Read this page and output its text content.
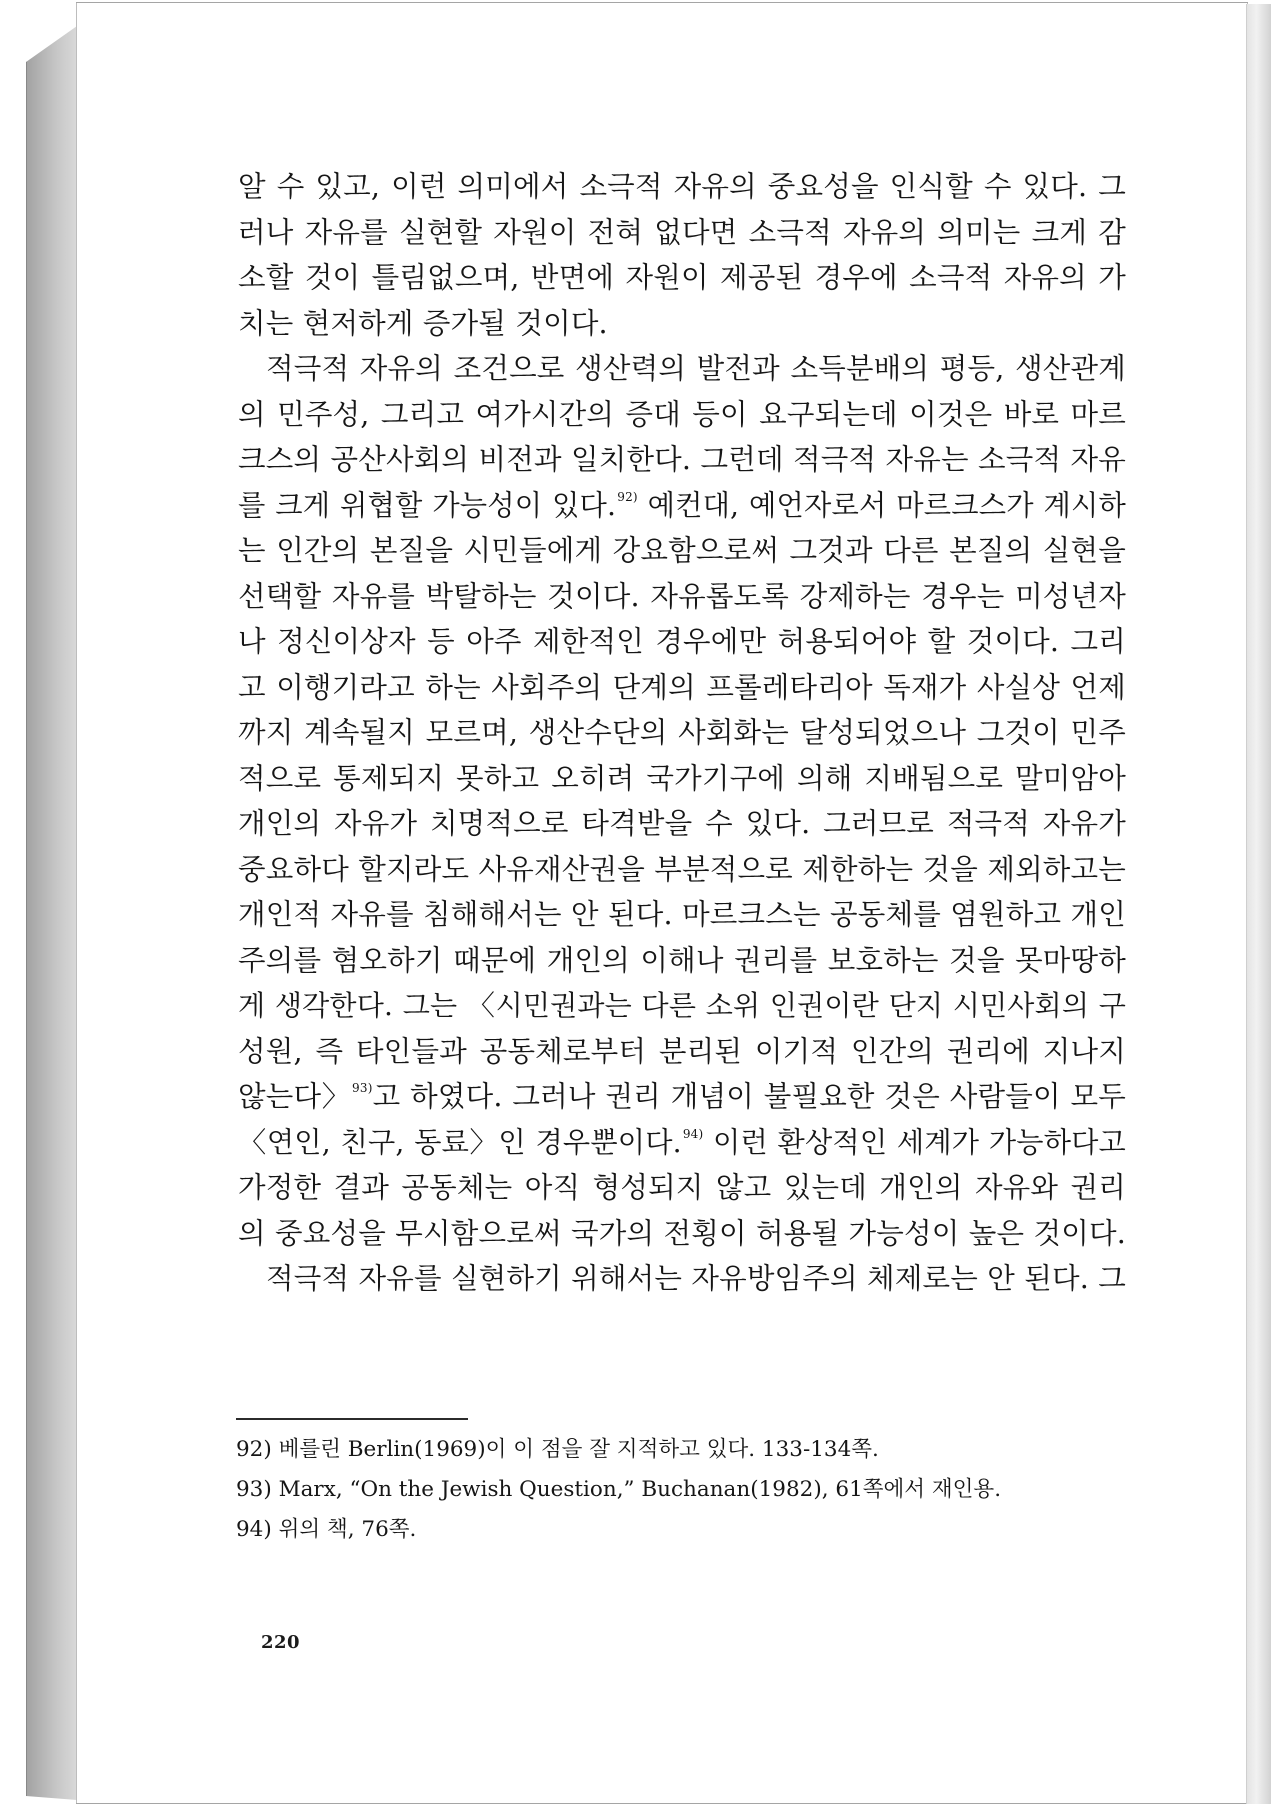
알 수 있고, 이런 의미에서 소극적 자유의 중요성을 인식할 수 있다. 그
러나 자유를 실현할 자원이 전혀 없다면 소극적 자유의 의미는 크게 감
소할 것이 틀림없으며, 반면에 자원이 제공된 경우에 소극적 자유의 가
치는 현저하게 증가될 것이다.
적극적 자유의 조건으로 생산력의 발전과 소득분배의 평등, 생산관계
의 민주성, 그리고 여가시간의 증대 등이 요구되는데 이것은 바로 마르
크스의 공산사회의 비전과 일치한다. 그런데 적극적 자유는 소극적 자유
를 크게 위협할 가능성이 있다.$^{92)}$ 예컨대, 예언자로서 마르크스가 계시하
는 인간의 본질을 시민들에게 강요함으로써 그것과 다른 본질의 실현을
선택할 자유를 박탈하는 것이다. 자유롭도록 강제하는 경우는 미성년자
나 정신이상자 등 아주 제한적인 경우에만 허용되어야 할 것이다. 그리
고 이행기라고 하는 사회주의 단계의 프롤레타리아 독재가 사실상 언제
까지 계속될지 모르며, 생산수단의 사회화는 달성되었으나 그것이 민주
적으로 통제되지 못하고 오히려 국가기구에 의해 지배됨으로 말미암아
개인의 자유가 치명적으로 타격받을 수 있다. 그러므로 적극적 자유가
중요하다 할지라도 사유재산권을 부분적으로 제한하는 것을 제외하고는
개인적 자유를 침해해서는 안 된다. 마르크스는 공동체를 염원하고 개인
주의를 혐오하기 때문에 개인의 이해나 권리를 보호하는 것을 못마땅하
게 생각한다. 그는 〈시민권과는 다른 소위 인권이란 단지 시민사회의 구
성원, 즉 타인들과 공동체로부터 분리된 이기적 인간의 권리에 지나지
않는다〉$^{93)}$고 하였다. 그러나 권리 개념이 불필요한 것은 사람들이 모두
〈연인, 친구, 동료〉인 경우뿐이다.$^{94)}$ 이런 환상적인 세계가 가능하다고
가정한 결과 공동체는 아직 형성되지 않고 있는데 개인의 자유와 권리
의 중요성을 무시함으로써 국가의 전횡이 허용될 가능성이 높은 것이다.
적극적 자유를 실현하기 위해서는 자유방임주의 체제로는 안 된다. 그
92) 베를린 Berlin(1969)이 이 점을 잘 지적하고 있다. 133-134쪽.
93) Marx, “On the Jewish Question,” Buchanan(1982), 61쪽에서 재인용.
94) 위의 책, 76쪽.
220
